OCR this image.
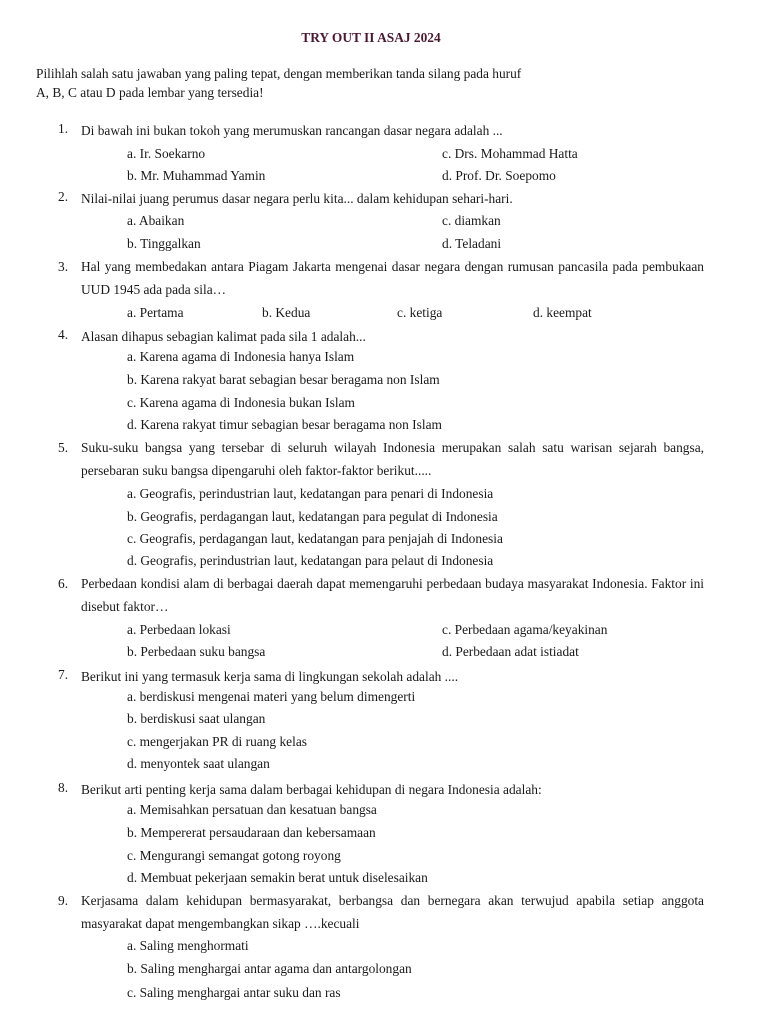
TRY OUT II ASAJ 2024
Pilihlah salah satu jawaban yang paling tepat, dengan memberikan tanda silang pada huruf
A, B, C atau D pada lembar yang tersedia!
1. Di bawah ini bukan tokoh yang merumuskan rancangan dasar negara adalah ...
a. Ir. Soekarno
b. Mr. Muhammad Yamin
c. Drs. Mohammad Hatta
d. Prof. Dr. Soepomo
2. Nilai-nilai juang perumus dasar negara perlu kita... dalam kehidupan sehari-hari.
a. Abaikan
b. Tinggalkan
c. diamkan
d. Teladani
3. Hal yang membedakan antara Piagam Jakarta mengenai dasar negara dengan rumusan pancasila pada pembukaan UUD 1945 ada pada sila…
a. Pertama	b. Kedua	c. ketiga	d. keempat
4. Alasan dihapus sebagian kalimat pada sila 1 adalah...
a. Karena agama di Indonesia hanya Islam
b. Karena rakyat barat sebagian besar beragama non Islam
c. Karena agama di Indonesia bukan Islam
d. Karena rakyat timur sebagian besar beragama non Islam
5. Suku-suku bangsa yang tersebar di seluruh wilayah Indonesia merupakan salah satu warisan sejarah bangsa, persebaran suku bangsa dipengaruhi oleh faktor-faktor berikut.....
a. Geografis, perindustrian laut, kedatangan para penari di Indonesia
b. Geografis, perdagangan laut, kedatangan para pegulat di Indonesia
c. Geografis, perdagangan laut, kedatangan para penjajah di Indonesia
d. Geografis, perindustrian laut, kedatangan para pelaut di Indonesia
6. Perbedaan kondisi alam di berbagai daerah dapat memengaruhi perbedaan budaya masyarakat Indonesia. Faktor ini disebut faktor…
a. Perbedaan lokasi
b. Perbedaan suku bangsa
c. Perbedaan agama/keyakinan
d. Perbedaan adat istiadat
7. Berikut ini yang termasuk kerja sama di lingkungan sekolah adalah ....
a. berdiskusi mengenai materi yang belum dimengerti
b. berdiskusi saat ulangan
c. mengerjakan PR di ruang kelas
d. menyontek saat ulangan
8. Berikut arti penting kerja sama dalam berbagai kehidupan di negara Indonesia adalah:
a. Memisahkan persatuan dan kesatuan bangsa
b. Mempererat persaudaraan dan kebersamaan
c. Mengurangi semangat gotong royong
d. Membuat pekerjaan semakin berat untuk diselesaikan
9. Kerjasama dalam kehidupan bermasyarakat, berbangsa dan bernegara akan terwujud apabila setiap anggota masyarakat dapat mengembangkan sikap ….kecuali
a. Saling menghormati
b. Saling menghargai antar agama dan antargolongan
c. Saling menghargai antar suku dan ras
